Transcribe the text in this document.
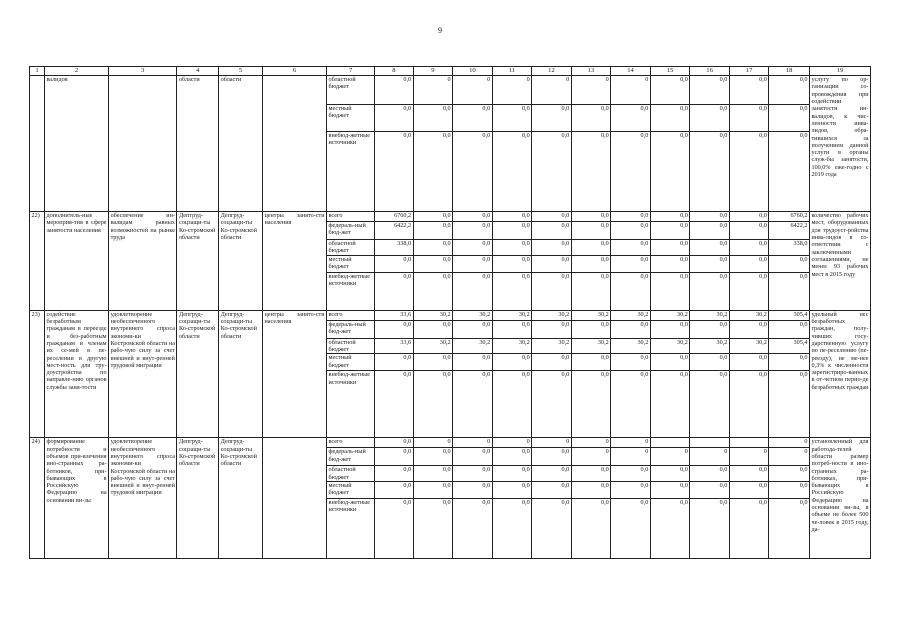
9
1	2	3	4	5	6	7	8	9	10	11	12	13	14	15	16	17	18	19
	валидов		области	области		областной бюджет	0,0	0	0	0	0	0	0	0,0	0,0	0,0	0,0	услугу по ор-ганизации со-провождения при содействии занятости ин-валидов, к чис-ленности инва-лидов, обра-тившихся за получением данной услуги в органы служ-бы занятости, 100,0% еже-годно с 2019 года
						местный бюджет	0,0	0,0	0,0	0,0	0,0	0,0	0,0	0,0	0,0	0,0	0,0	
						внебюд-жетные источники	0,0	0,0	0,0	0,0	0,0	0,0	0,0	0,0	0,0	0,0	0,0	
22)	дополнитель-ные мероприя-тия в сфере занятости населения	обеспечение ин-валидам равных возможностей на рынке труда	Дептруд-соцзащи-ты Ко-стромской области	Депгруд-соцзащи-ты Ко-стромской области	центры занято-сти населения	всего	6760,2	0,0	0,0	0,0	0,0	0,0	0,0	0,0	0,0	0,0	6760,2	количество рабочих мест, оборудованных для трудоуст-ройства инва-лидов в со-ответствии с заключенными соглашениями, не менее 93 рабочих мест в 2015 году
						федераль-ный бюд-жет	6422,2	0,0	0,0	0,0	0,0	0,0	0,0	0,0	0,0	0,0	6422,2	
						областной бюджет	338,0	0,0	0,0	0,0	0,0	0,0	0,0	0,0	0,0	0,0	338,0	
						местный бюджет	0,0	0,0	0,0	0,0	0,0	0,0	0,0	0,0	0,0	0,0	0,0	
						внебюд-жетные источники	0,0	0,0	0,0	0,0	0,0	0,0	0,0	0,0	0,0	0,0	0,0	
23)	содействие безработным гражданам в переезде и без-работным гражданам и членам их се-мей в пе-реселении в другую мест-ность для тру-доустройства по направле-нию органов службы заня-тости	удовлетворение необеспеченного внутреннего спроса экономи-ки Костромской области на рабо-чую силу за счет внешней и внут-ренней трудовой миграции	Депгруд-соцзащи-ты Ко-стромской области	Депгруд-соцзащи-ты Ко-стромской области	центры занято-сти населения	всего	33,6	30,2	30,2	30,2	30,2	30,2	30,2	30,2	30,2	30,2	305,4	удельный вес безработных граждан, полу-чивших госу-дарственную услугу по пе-реселению (пе-реезду), не ме-нее 0,3% к численности зарегистриро-ванных в от-четном перио-де безработных граждан
						федераль-ный бюд-жет	0,0	0,0	0,0	0,0	0,0	0,0	0,0	0,0	0,0	0,0	0,0	
						областной бюджет	33,6	30,2	30,2	30,2	30,2	30,2	30,2	30,2	30,2	30,2	305,4	
						местный бюджет	0,0	0,0	0,0	0,0	0,0	0,0	0,0	0,0	0,0	0,0	0,0	
						внебюд-жетные источники	0,0	0,0	0,0	0,0	0,0	0,0	0,0	0,0	0,0	0,0	0,0	
24)	формирование потребности и объемов при-влечения ино-странных ра-ботников, при-бывающих в Российскую Федерацию на основании ви-зы	удовлетворение необеспеченного внутреннего спроса экономи-ки Костромской области на рабо-чую силу за счет внешней и внут-ренней трудовой миграции	Депгруд-соцзащи-ты Ко-стромской области	Депгруд-соцзащи-ты Ко-стромской области		всего	0,0	0	0	0	0	0	0				0	установленный для работода-телей области размер потреб-ности в ино-странных ра-ботниках, при-бывающих в Российскую Федерацию на основании ви-зы, в объеме не более 500 че-ловек в 2015 году, да-
						федераль-ный бюд-жет	0,0	0,0	0,0	0,0	0,0	0	0	0	0	0	0	
						областной бюджет	0,0	0,0	0,0	0,0	0,0	0,0	0,0	0,0	0,0	0,0	0,0	
						местный бюджет	0,0	0,0	0,0	0,0	0,0	0,0	0,0	0,0	0,0	0,0	0,0	
						внебюд-жетные источники	0,0	0,0	0,0	0,0	0,0	0,0	0,0	0,0	0,0	0,0	0,0	
